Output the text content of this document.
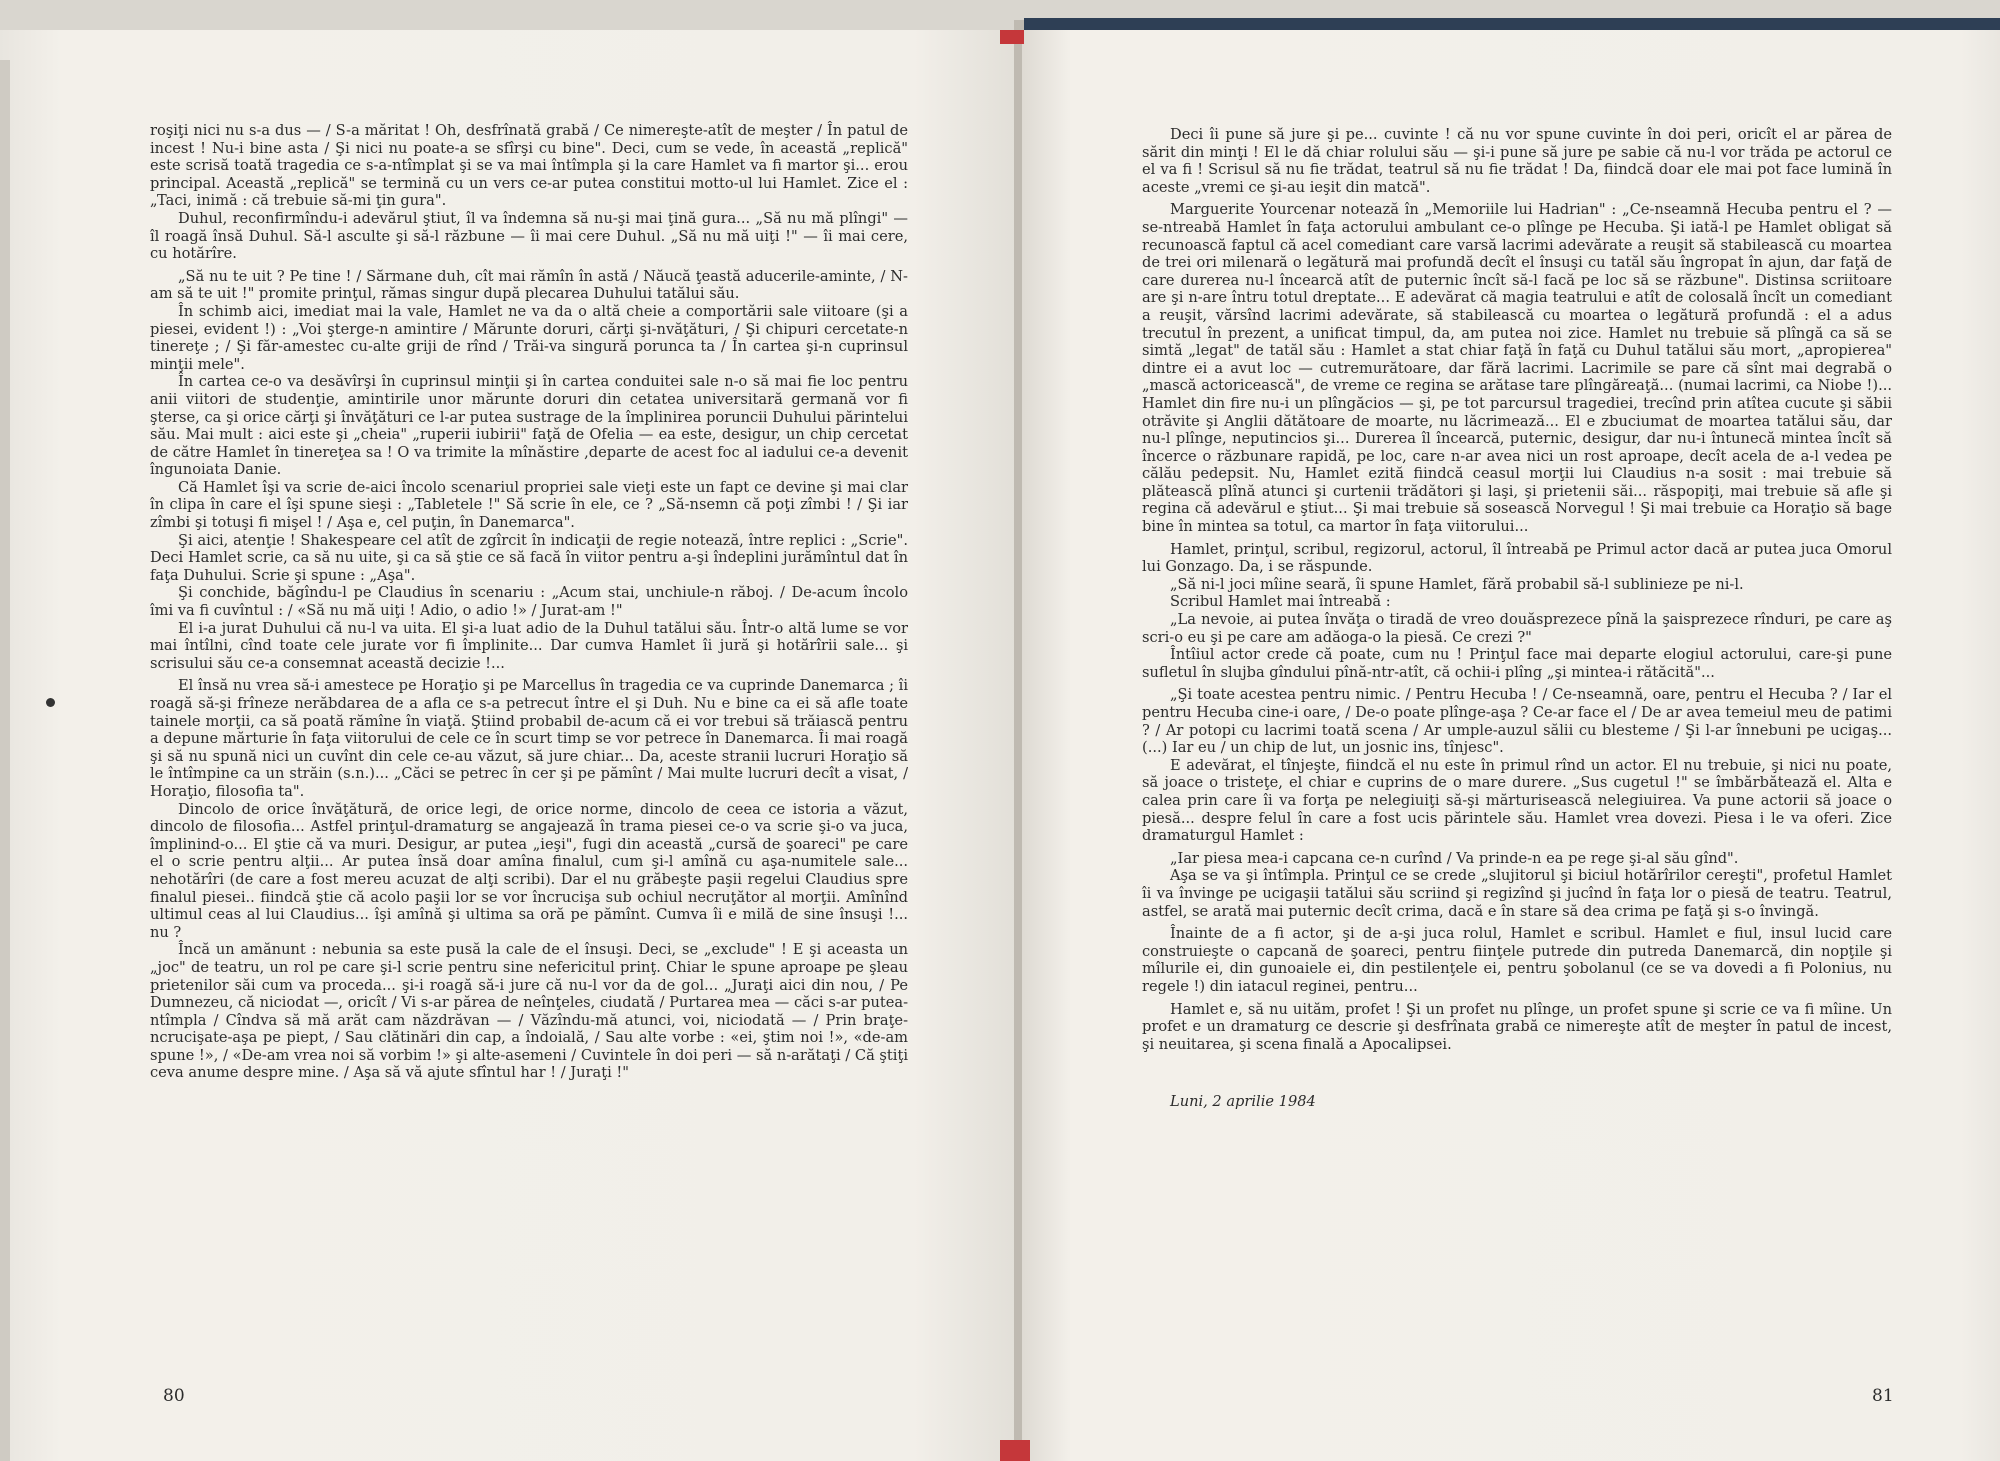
roşiţi nici nu s-a dus — / S-a măritat ! Oh, desfrînată grabă / Ce nimereşte-atît de meşter / În patul de incest ! Nu-i bine asta / Şi nici nu poate-a se sfîrşi cu bine". Deci, cum se vede, în această „replică" este scrisă toată tragedia ce s-a-ntîmplat şi se va mai întîmpla şi la care Hamlet va fi martor şi... erou principal. Această „replică" se termină cu un vers ce-ar putea constitui motto-ul lui Hamlet. Zice el : „Taci, inimă : că trebuie să-mi ţin gura".

Duhul, reconfirmîndu-i adevărul ştiut, îl va îndemna să nu-şi mai ţină gura... „Să nu mă plîngi" — îl roagă însă Duhul. Să-l asculte şi să-l răzbune — îi mai cere Duhul. „Să nu mă uiţi !" — îi mai cere, cu hotărîre.

„Să nu te uit ? Pe tine ! / Sărmane duh, cît mai rămîn în astă / Năucă ţeastă aducerile-aminte, / N-am să te uit !" promite prinţul, rămas singur după plecarea Duhului tatălui său.

În schimb aici, imediat mai la vale, Hamlet ne va da o altă cheie a comportării sale viitoare (şi a piesei, evident !) : „Voi şterge-n amintire / Mărunte doruri, cărţi şi-nvăţături, / Şi chipuri cercetate-n tinereţe ; / Şi făr-amestec cu-alte griji de rînd / Trăi-va singură porunca ta / În cartea şi-n cuprinsul minţii mele".

În cartea ce-o va desăvîrşi în cuprinsul minţii şi în cartea conduitei sale n-o să mai fie loc pentru anii viitori de studenţie, amintirile unor mărunte doruri din cetatea universitară germană vor fi şterse, ca şi orice cărţi şi învăţături ce l-ar putea sustrage de la împlinirea poruncii Duhului părintelui său. Mai mult : aici este şi „cheia" „ruperii iubirii" faţă de Ofelia — ea este, desigur, un chip cercetat de către Hamlet în tinereţea sa ! O va trimite la mînăstire ,departe de acest foc al iadului ce-a devenit îngunoiata Danie.

Că Hamlet îşi va scrie de-aici încolo scenariul propriei sale vieţi este un fapt ce devine şi mai clar în clipa în care el îşi spune sieşi : „Tabletele !" Să scrie în ele, ce ? „Să-nsemn că poţi zîmbi ! / Şi iar zîmbi şi totuşi fi mişel ! / Aşa e, cel puţin, în Danemarca".

Şi aici, atenţie ! Shakespeare cel atît de zgîrcit în indicaţii de regie notează, între replici : „Scrie". Deci Hamlet scrie, ca să nu uite, şi ca să ştie ce să facă în viitor pentru a-şi îndeplini jurămîntul dat în faţa Duhului. Scrie şi spune : „Aşa".

Şi conchide, băgîndu-l pe Claudius în scenariu : „Acum stai, unchiule-n răboj. / De-acum încolo îmi va fi cuvîntul : / «Să nu mă uiţi ! Adio, o adio !» / Jurat-am !"

El i-a jurat Duhului că nu-l va uita. El şi-a luat adio de la Duhul tatălui său. Într-o altă lume se vor mai întîlni, cînd toate cele jurate vor fi împlinite... Dar cumva Hamlet îi jură şi hotărîrii sale... şi scrisului său ce-a consemnat această decizie !...

El însă nu vrea să-i amestece pe Horaţio şi pe Marcellus în tragedia ce va cuprinde Danemarca ; îi roagă să-şi frîneze nerăbdarea de a afla ce s-a petrecut între el şi Duh. Nu e bine ca ei să afle toate tainele morţii, ca să poată rămîne în viaţă. Ştiind probabil de-acum că ei vor trebui să trăiască pentru a depune mărturie în faţa viitorului de cele ce în scurt timp se vor petrece în Danemarca. Îi mai roagă şi să nu spună nici un cuvînt din cele ce-au văzut, să jure chiar... Da, aceste stranii lucruri Horaţio să le întîmpine ca un străin (s.n.)... „Căci se petrec în cer şi pe pămînt / Mai multe lucruri decît a visat, / Horaţio, filosofia ta".

Dincolo de orice învăţătură, de orice legi, de orice norme, dincolo de ceea ce istoria a văzut, dincolo de filosofia... Astfel prinţul-dramaturg se angajează în trama piesei ce-o va scrie şi-o va juca, împlinind-o... El ştie că va muri. Desigur, ar putea „ieşi", fugi din această „cursă de şoareci" pe care el o scrie pentru alţii... Ar putea însă doar amîna finalul, cum şi-l amînă cu aşa-numitele sale... nehotărîri (de care a fost mereu acuzat de alţi scribi). Dar el nu grăbeşte paşii regelui Claudius spre finalul piesei.. fiindcă ştie că acolo paşii lor se vor încrucişa sub ochiul necruţător al morţii. Amînînd ultimul ceas al lui Claudius... îşi amînă şi ultima sa oră pe pămînt. Cumva îi e milă de sine însuşi !... nu ?

Încă un amănunt : nebunia sa este pusă la cale de el însuşi. Deci, se „exclude" ! E şi aceasta un „joc" de teatru, un rol pe care şi-l scrie pentru sine nefericitul prinţ. Chiar le spune aproape pe şleau prietenilor săi cum va proceda... şi-i roagă să-i jure că nu-l vor da de gol... „Juraţi aici din nou, / Pe Dumnezeu, că niciodat —, oricît / Vi s-ar părea de neînţeles, ciudată / Purtarea mea — căci s-ar putea-ntîmpla / Cîndva să mă arăt cam năzdrăvan — / Văzîndu-mă atunci, voi, niciodată — / Prin braţe-ncrucişate-aşa pe piept, / Sau clătinări din cap, a îndoială, / Sau alte vorbe : «ei, ştim noi !», «de-am spune !», / «De-am vrea noi să vorbim !» şi alte-asemeni / Cuvintele în doi peri — să n-arătaţi / Că ştiţi ceva anume despre mine. / Aşa să vă ajute sfîntul har ! / Juraţi !"

80

Deci îi pune să jure şi pe... cuvinte ! că nu vor spune cuvinte în doi peri, oricît el ar părea de sărit din minţi ! El le dă chiar rolului său — şi-i pune să jure pe sabie că nu-l vor trăda pe actorul ce el va fi ! Scrisul să nu fie trădat, teatrul să nu fie trădat ! Da, fiindcă doar ele mai pot face lumină în aceste „vremi ce şi-au ieşit din matcă".

Marguerite Yourcenar notează în „Memoriile lui Hadrian" : „Ce-nseamnă Hecuba pentru el ? — se-ntreabă Hamlet în faţa actorului ambulant ce-o plînge pe Hecuba. Şi iată-l pe Hamlet obligat să recunoască faptul că acel comediant care varsă lacrimi adevărate a reuşit să stabilească cu moartea de trei ori milenară o legătură mai profundă decît el însuşi cu tatăl său îngropat în ajun, dar faţă de care durerea nu-l încearcă atît de puternic încît să-l facă pe loc să se răzbune". Distinsa scriitoare are şi n-are întru totul dreptate... E adevărat că magia teatrului e atît de colosală încît un comediant a reuşit, vărsînd lacrimi adevărate, să stabilească cu moartea o legătură profundă : el a adus trecutul în prezent, a unificat timpul, da, am putea noi zice. Hamlet nu trebuie să plîngă ca să se simtă „legat" de tatăl său : Hamlet a stat chiar faţă în faţă cu Duhul tatălui său mort, „apropierea" dintre ei a avut loc — cutremurătoare, dar fără lacrimi. Lacrimile se pare că sînt mai degrabă o „mască actoricească", de vreme ce regina se arătase tare plîngăreaţă... (numai lacrimi, ca Niobe !)... Hamlet din fire nu-i un plîngăcios — şi, pe tot parcursul tragediei, trecînd prin atîtea cucute şi săbii otrăvite şi Anglii dătătoare de moarte, nu lăcrimează... El e zbuciumat de moartea tatălui său, dar nu-l plînge, neputincios şi... Durerea îl încearcă, puternic, desigur, dar nu-i întunecă mintea încît să încerce o răzbunare rapidă, pe loc, care n-ar avea nici un rost aproape, decît acela de a-l vedea pe călău pedepsit. Nu, Hamlet ezită fiindcă ceasul morţii lui Claudius n-a sosit : mai trebuie să plătească plînă atunci şi curtenii trădători şi laşi, şi prietenii săi... răspopiţi, mai trebuie să afle şi regina că adevărul e ştiut... Şi mai trebuie să sosească Norvegul ! Şi mai trebuie ca Horaţio să bage bine în mintea sa totul, ca martor în faţa viitorului...

Hamlet, prinţul, scribul, regizorul, actorul, îl întreabă pe Primul actor dacă ar putea juca Omorul lui Gonzago. Da, i se răspunde.

„Să ni-l joci mîine seară, îi spune Hamlet, fără probabil să-l sublinieze pe ni-l.

Scribul Hamlet mai întreabă :

„La nevoie, ai putea învăţa o tiradă de vreo douăsprezece pînă la şaisprezece rînduri, pe care aş scri-o eu şi pe care am adăoga-o la piesă. Ce crezi ?"

Întîiul actor crede că poate, cum nu ! Prinţul face mai departe elogiul actorului, care-şi pune sufletul în slujba gîndului pînă-ntr-atît, că ochii-i plîng „şi mintea-i rătăcită"...

„Şi toate acestea pentru nimic. / Pentru Hecuba ! / Ce-nseamnă, oare, pentru el Hecuba ? / Iar el pentru Hecuba cine-i oare, / De-o poate plînge-aşa ? Ce-ar face el / De ar avea temeiul meu de patimi ? / Ar potopi cu lacrimi toată scena / Ar umple-auzul sălii cu blesteme / Şi l-ar înnebuni pe ucigaş... (...) Iar eu / un chip de lut, un josnic ins, tînjesc".

E adevărat, el tînjeşte, fiindcă el nu este în primul rînd un actor. El nu trebuie, şi nici nu poate, să joace o tristeţe, el chiar e cuprins de o mare durere. „Sus cugetul !" se îmbărbătează el. Alta e calea prin care îi va forţa pe nelegiuiţi să-şi mărturisească nelegiuirea. Va pune actorii să joace o piesă... despre felul în care a fost ucis părintele său. Hamlet vrea dovezi. Piesa i le va oferi. Zice dramaturgul Hamlet :

„Iar piesa mea-i capcana ce-n curînd / Va prinde-n ea pe rege şi-al său gînd".

Aşa se va şi întîmpla. Prinţul ce se crede „slujitorul şi biciul hotărîrilor cereşti", profetul Hamlet îi va învinge pe ucigaşii tatălui său scriind şi regizînd şi jucînd în faţa lor o piesă de teatru. Teatrul, astfel, se arată mai puternic decît crima, dacă e în stare să dea crima pe faţă şi s-o învingă.

Înainte de a fi actor, şi de a-şi juca rolul, Hamlet e scribul. Hamlet e fiul, insul lucid care construieşte o capcană de şoareci, pentru fiinţele putrede din putreda Danemarcă, din nopţile şi mîlurile ei, din gunoaiele ei, din pestilenţele ei, pentru şobolanul (ce se va dovedi a fi Polonius, nu regele !) din iatacul reginei, pentru...

Hamlet e, să nu uităm, profet ! Şi un profet nu plînge, un profet spune şi scrie ce va fi mîine. Un profet e un dramaturg ce descrie şi desfrînata grabă ce nimereşte atît de meşter în patul de incest, şi neuitarea, şi scena finală a Apocalipsei.

Luni, 2 aprilie 1984

81
